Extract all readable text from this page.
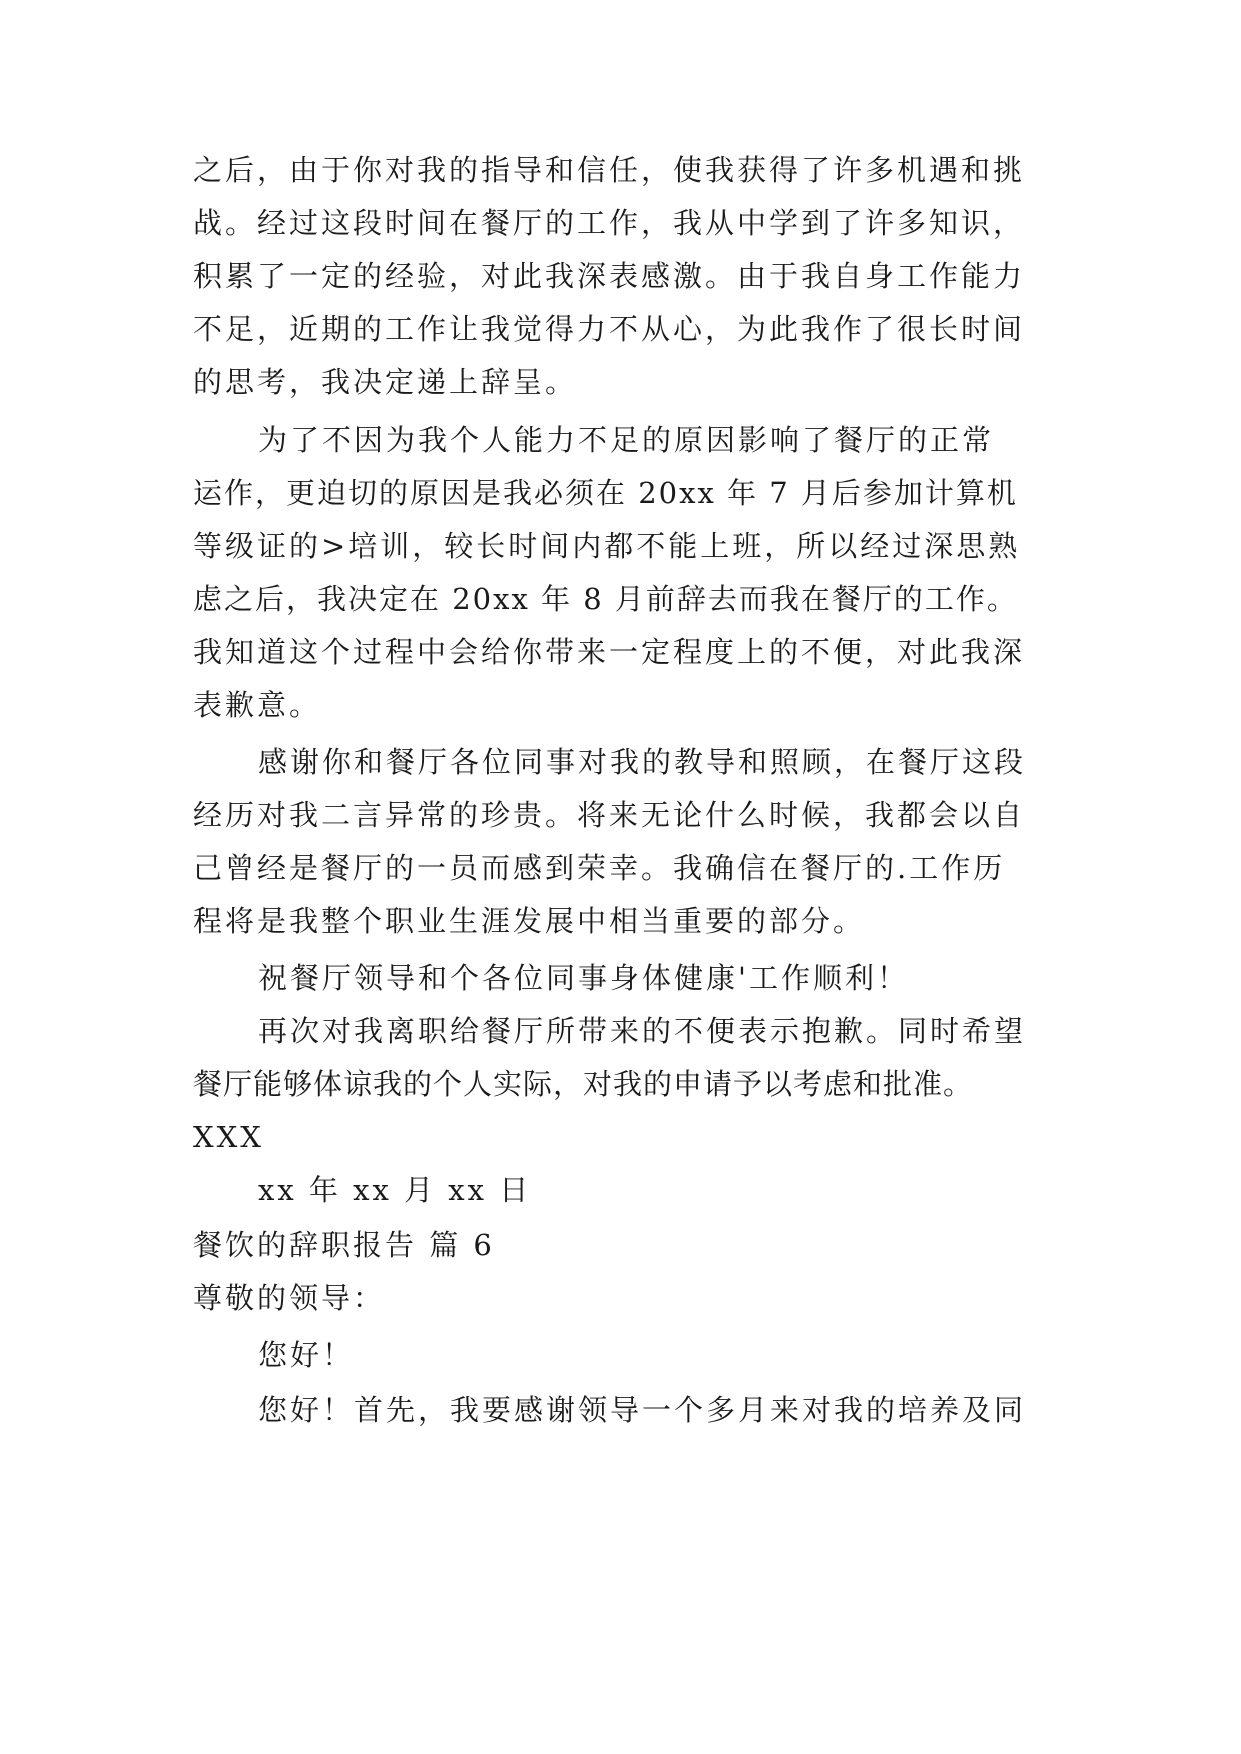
之后，由于你对我的指导和信任，使我获得了许多机遇和挑
战。经过这段时间在餐厅的工作，我从中学到了许多知识，
积累了一定的经验，对此我深表感激。由于我自身工作能力
不足，近期的工作让我觉得力不从心，为此我作了很长时间
的思考，我决定递上辞呈。
为了不因为我个人能力不足的原因影响了餐厅的正常
运作，更迫切的原因是我必须在 20xx 年 7 月后参加计算机
等级证的>培训，较长时间内都不能上班，所以经过深思熟
虑之后，我决定在 20xx 年 8 月前辞去而我在餐厅的工作。
我知道这个过程中会给你带来一定程度上的不便，对此我深
表歉意。
感谢你和餐厅各位同事对我的教导和照顾，在餐厅这段
经历对我二言异常的珍贵。将来无论什么时候，我都会以自
己曾经是餐厅的一员而感到荣幸。我确信在餐厅的.工作历
程将是我整个职业生涯发展中相当重要的部分。
祝餐厅领导和个各位同事身体健康'工作顺利！
再次对我离职给餐厅所带来的不便表示抱歉。同时希望
餐厅能够体谅我的个人实际，对我的申请予以考虑和批准。
XXX
xx 年 xx 月 xx 日
餐饮的辞职报告 篇 6
尊敬的领导：
您好！
您好！首先，我要感谢领导一个多月来对我的培养及同
